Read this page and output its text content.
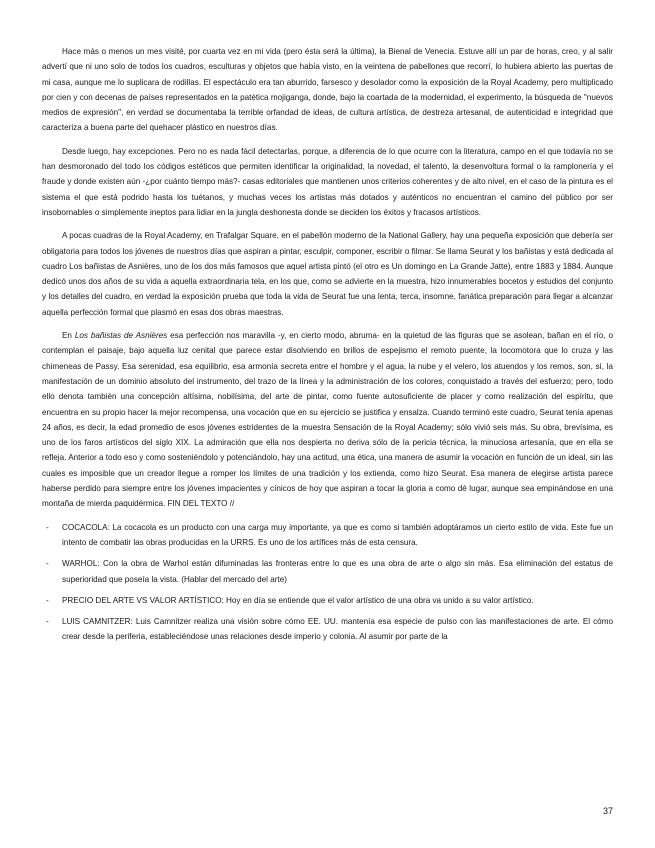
Hace más o menos un mes visité, por cuarta vez en mi vida (pero ésta será la última), la Bienal de Venecia. Estuve allí un par de horas, creo, y al salir advertí que ni uno solo de todos los cuadros, esculturas y objetos que había visto, en la veintena de pabellones que recorrí, lo hubiera abierto las puertas de mi casa, aunque me lo suplicara de rodillas. El espectáculo era tan aburrido, farsesco y desolador como la exposición de la Royal Academy, pero multiplicado por cien y con decenas de países representados en la patética mojiganga, donde, bajo la coartada de la modernidad, el experimento, la búsqueda de "nuevos medios de expresión", en verdad se documentaba la terrible orfandad de ideas, de cultura artística, de destreza artesanal, de autenticidad e integridad que caracteriza a buena parte del quehacer plástico en nuestros días.

Desde luego, hay excepciones. Pero no es nada fácil detectarlas, porque, a diferencia de lo que ocurre con la literatura, campo en el que todavía no se han desmoronado del todo los códigos estéticos que permiten identificar la originalidad, la novedad, el talento, la desenvoltura formal o la ramplonería y el fraude y donde existen aún -¿por cuánto tiempo más?- casas editoriales que mantienen unos criterios coherentes y de alto nivel, en el caso de la pintura es el sistema el que está podrido hasta los tuétanos, y muchas veces los artistas más dotados y auténticos no encuentran el camino del público por ser insobornables o simplemente ineptos para lidiar en la jungla deshonesta donde se deciden los éxitos y fracasos artísticos.

A pocas cuadras de la Royal Academy, en Trafalgar Square, en el pabellón moderno de la National Gallery, hay una pequeña exposición que debería ser obligatoria para todos los jóvenes de nuestros días que aspiran a pintar, esculpir, componer, escribir o filmar. Se llama Seurat y los bañistas y está dedicada al cuadro Los bañistas de Asnières, uno de los dos más famosos que aquel artista pintó (el otro es Un domingo en La Grande Jatte), entre 1883 y 1884. Aunque dedicó unos dos años de su vida a aquella extraordinaria tela, en los que, como se advierte en la muestra, hizo innumerables bocetos y estudios del conjunto y los detalles del cuadro, en verdad la exposición prueba que toda la vida de Seurat fue una lenta, terca, insomne, fanática preparación para llegar a alcanzar aquella perfección formal que plasmó en esas dos obras maestras.

En Los bañistas de Asnières esa perfección nos maravilla -y, en cierto modo, abruma- en la quietud de las figuras que se asolean, bañan en el río, o contemplan el paisaje, bajo aquella luz cenital que parece estar disolviendo en brillos de espejismo el remoto puente, la locomotora que lo cruza y las chimeneas de Passy. Esa serenidad, esa equilibrio, esa armonía secreta entre el hombre y el agua, la nube y el velero, los atuendos y los remos, son, sí, la manifestación de un dominio absoluto del instrumento, del trazo de la línea y la administración de los colores, conquistado a través del esfuerzo; pero, todo ello denota también una concepción altísima, nobilísima, del arte de pintar, como fuente autosuficiente de placer y como realización del espíritu, que encuentra en su propio hacer la mejor recompensa, una vocación que en su ejercicio se justifica y ensalza. Cuando terminó este cuadro, Seurat tenía apenas 24 años, es decir, la edad promedio de esos jóvenes estridentes de la muestra Sensación de la Royal Academy; sólo vivió seis más. Su obra, brevísima, es uno de los faros artísticos del siglo XIX. La admiración que ella nos despierta no deriva sólo de la pericia técnica, la minuciosa artesanía, que en ella se refleja. Anterior a todo eso y como sosteniéndolo y potenciándolo, hay una actitud, una ética, una manera de asumir la vocación en función de un ideal, sin las cuales es imposible que un creador llegue a romper los límites de una tradición y los extienda, como hizo Seurat. Esa manera de elegirse artista parece haberse perdido para siempre entre los jóvenes impacientes y cínicos de hoy que aspiran a tocar la gloria a como dé lugar, aunque sea empinándose en una montaña de mierda paquidérmica. FIN DEL TEXTO //

- COCACOLA: La cocacola es un producto con una carga muy importante, ya que es como si también adoptáramos un cierto estilo de vida. Este fue un intento de combatir las obras producidas en la URRS. Es uno de los artífices más de esta censura.
- WARHOL: Con la obra de Warhol están difuminadas las fronteras entre lo que es una obra de arte o algo sin más. Esa eliminación del estatus de superioridad que poseía la vista. (Hablar del mercado del arte)
- PRECIO DEL ARTE VS VALOR ARTÍSTICO: Hoy en día se entiende que el valor artístico de una obra va unido a su valor artístico.
- LUIS CAMNITZER: Luis Camnitzer realiza una visión sobre cómo EE. UU. mantenía esa especie de pulso con las manifestaciones de arte. El cómo crear desde la periferia, estableciéndose unas relaciones desde imperio y colonia. Al asumir por parte de la
37
